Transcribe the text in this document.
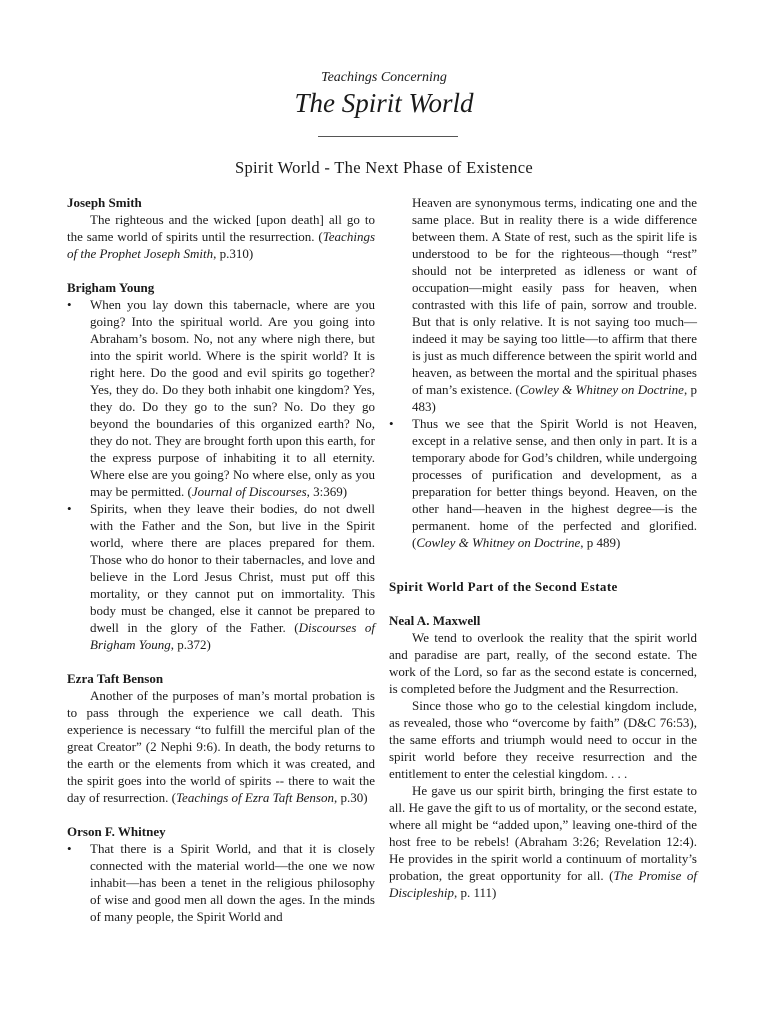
Teachings Concerning
The Spirit World
Spirit World - The Next Phase of Existence

Joseph Smith

The righteous and the wicked [upon death] all go to the same world of spirits until the resurrection. (Teachings of the Prophet Joseph Smith, p.310)

Brigham Young

• When you lay down this tabernacle, where are you going? Into the spiritual world. Are you going into Abraham’s bosom. No, not any where nigh there, but into the spirit world. Where is the spirit world? It is right here. Do the good and evil spirits go together? Yes, they do. Do they both inhabit one kingdom? Yes, they do. Do they go to the sun? No. Do they go beyond the boundaries of this organized earth? No, they do not. They are brought forth upon this earth, for the express purpose of inhabiting it to all eternity. Where else are you going? No where else, only as you may be permitted. (Journal of Discourses, 3:369)

• Spirits, when they leave their bodies, do not dwell with the Father and the Son, but live in the Spirit world, where there are places prepared for them. Those who do honor to their tabernacles, and love and believe in the Lord Jesus Christ, must put off this mortality, or they cannot put on immortality. This body must be changed, else it cannot be prepared to dwell in the glory of the Father. (Discourses of Brigham Young, p.372)

Ezra Taft Benson

Another of the purposes of man’s mortal probation is to pass through the experience we call death. This experience is necessary “to fulfill the merciful plan of the great Creator” (2 Nephi 9:6). In death, the body returns to the earth or the elements from which it was created, and the spirit goes into the world of spirits -- there to wait the day of resurrection. (Teachings of Ezra Taft Benson, p.30)

Orson F. Whitney

• That there is a Spirit World, and that it is closely connected with the material world—the one we now inhabit—has been a tenet in the religious philosophy of wise and good men all down the ages. In the minds of many people, the Spirit World and

Heaven are synonymous terms, indicating one and the same place. But in reality there is a wide difference between them. A State of rest, such as the spirit life is understood to be for the righteous—though “rest” should not be interpreted as idleness or want of occupation—might easily pass for heaven, when contrasted with this life of pain, sorrow and trouble. But that is only relative. It is not saying too much—indeed it may be saying too little—to affirm that there is just as much difference between the spirit world and heaven, as between the mortal and the spiritual phases of man’s existence. (Cowley & Whitney on Doctrine, p 483)

• Thus we see that the Spirit World is not Heaven, except in a relative sense, and then only in part. It is a temporary abode for God’s children, while undergoing processes of purification and development, as a preparation for better things beyond. Heaven, on the other hand—heaven in the highest degree—is the permanent. home of the perfected and glorified. (Cowley & Whitney on Doctrine, p 489)

Spirit World Part of the Second Estate

Neal A. Maxwell

We tend to overlook the reality that the spirit world and paradise are part, really, of the second estate. The work of the Lord, so far as the second estate is concerned, is completed before the Judgment and the Resurrection.

Since those who go to the celestial kingdom include, as revealed, those who “overcome by faith” (D&C 76:53), the same efforts and triumph would need to occur in the spirit world before they receive resurrection and the entitlement to enter the celestial kingdom. . . .

He gave us our spirit birth, bringing the first estate to all. He gave the gift to us of mortality, or the second estate, where all might be “added upon,” leaving one-third of the host free to be rebels! (Abraham 3:26; Revelation 12:4). He provides in the spirit world a continuum of mortality’s probation, the great opportunity for all. (The Promise of Discipleship, p. 111)
